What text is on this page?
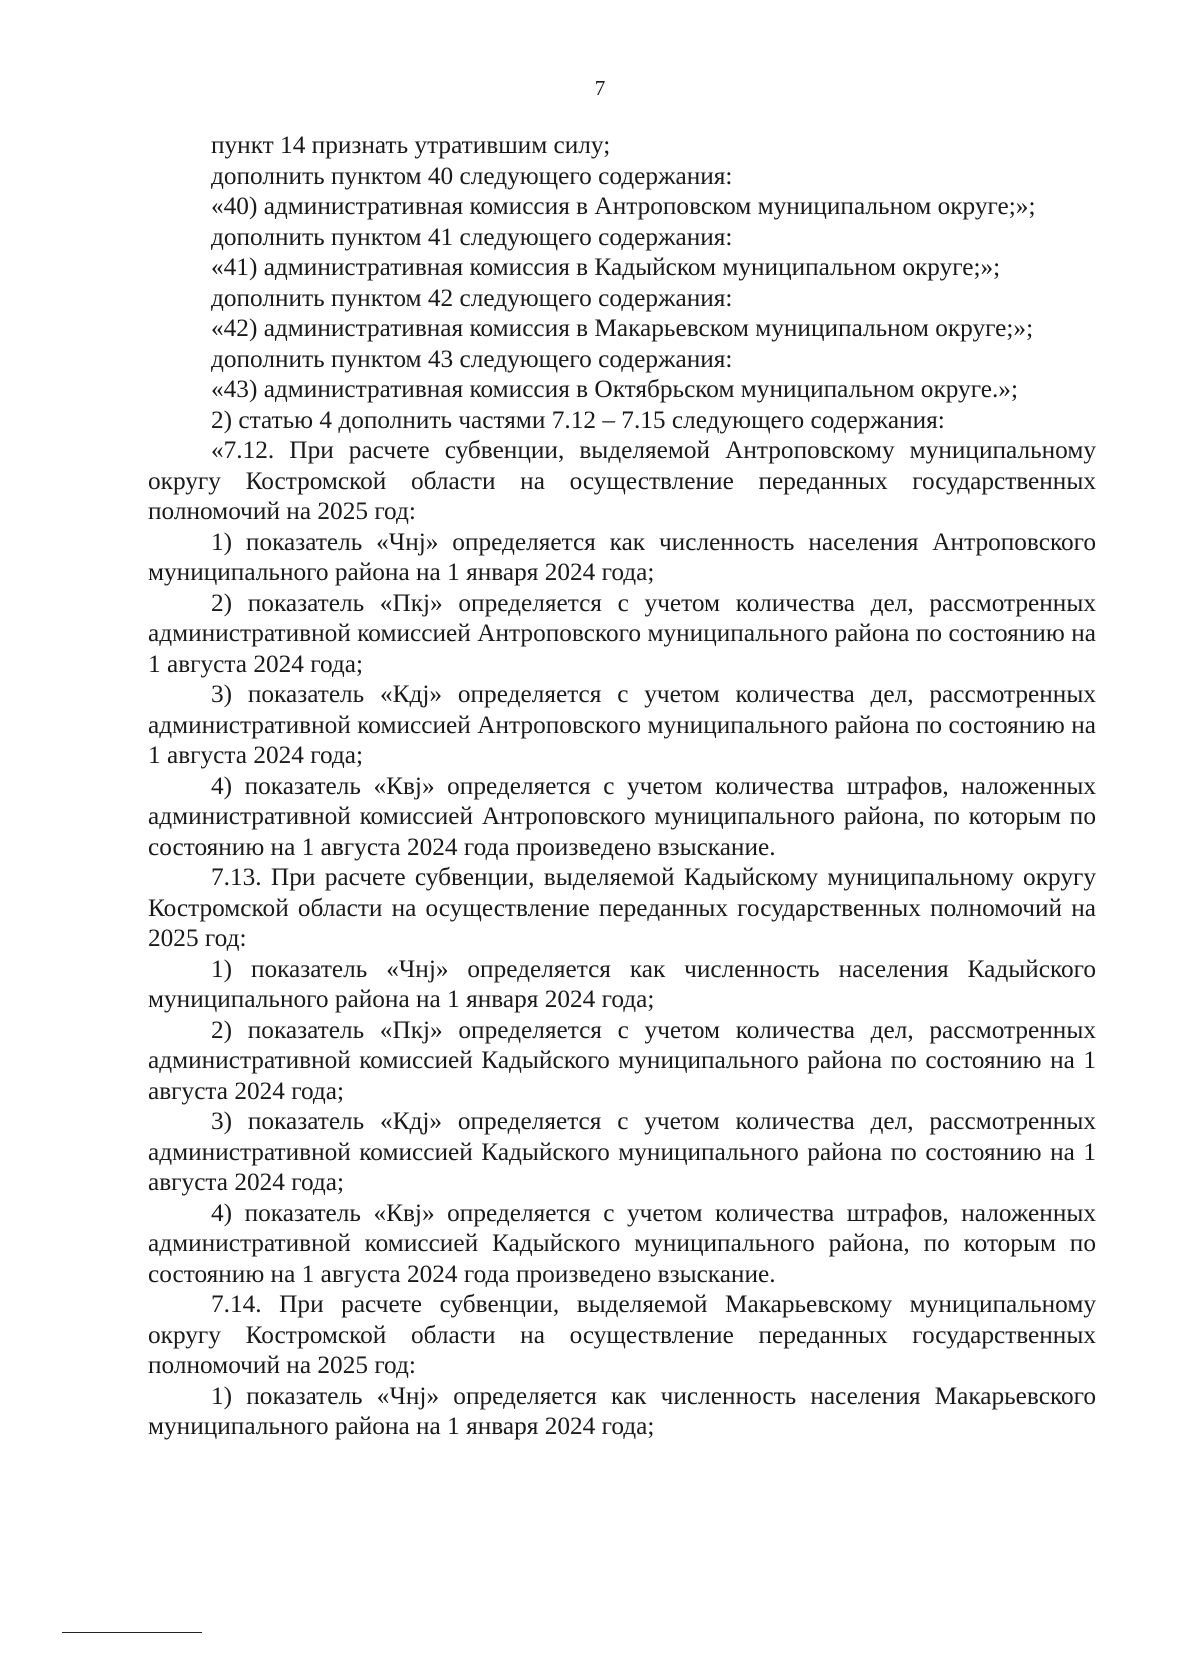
7

пункт 14 признать утратившим силу;

дополнить пунктом 40 следующего содержания:

«40) административная комиссия в Антроповском муниципальном округе;»;

дополнить пунктом 41 следующего содержания:

«41) административная комиссия в Кадыйском муниципальном округе;»;

дополнить пунктом 42 следующего содержания:

«42) административная комиссия в Макарьевском муниципальном округе;»;

дополнить пунктом 43 следующего содержания:

«43) административная комиссия в Октябрьском муниципальном округе.»;

2) статью 4 дополнить частями 7.12 – 7.15 следующего содержания:

«7.12. При расчете субвенции, выделяемой Антроповскому муниципальному округу Костромской области на осуществление переданных государственных полномочий на 2025 год:

1) показатель «Чнj» определяется как численность населения Антроповского муниципального района на 1 января 2024 года;

2) показатель «Пкj» определяется с учетом количества дел, рассмотренных административной комиссией Антроповского муниципального района по состоянию на 1 августа 2024 года;

3) показатель «Кдj» определяется с учетом количества дел, рассмотренных административной комиссией Антроповского муниципального района по состоянию на 1 августа 2024 года;

4) показатель «Квj» определяется с учетом количества штрафов, наложенных административной комиссией Антроповского муниципального района, по которым по состоянию на 1 августа 2024 года произведено взыскание.

7.13. При расчете субвенции, выделяемой Кадыйскому муниципальному округу Костромской области на осуществление переданных государственных полномочий на 2025 год:

1) показатель «Чнj» определяется как численность населения Кадыйского муниципального района на 1 января 2024 года;

2) показатель «Пкj» определяется с учетом количества дел, рассмотренных административной комиссией Кадыйского муниципального района по состоянию на 1 августа 2024 года;

3) показатель «Кдj» определяется с учетом количества дел, рассмотренных административной комиссией Кадыйского муниципального района по состоянию на 1 августа 2024 года;

4) показатель «Квj» определяется с учетом количества штрафов, наложенных административной комиссией Кадыйского муниципального района, по которым по состоянию на 1 августа 2024 года произведено взыскание.

7.14. При расчете субвенции, выделяемой Макарьевскому муниципальному округу Костромской области на осуществление переданных государственных полномочий на 2025 год:

1) показатель «Чнj» определяется как численность населения Макарьевского муниципального района на 1 января 2024 года;
